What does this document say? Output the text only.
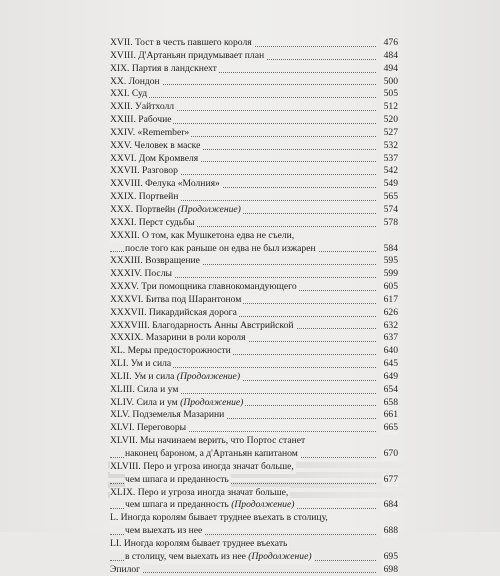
XVII. Тост в честь павшего короля	476
XVIII. Д'Артаньян придумывает план	484
XIX. Партия в ландскнехт	494
XX. Лондон	500
XXI. Суд	505
XXII. Уайтхолл	512
XXIII. Рабочие	520
XXIV. «Remember»	527
XXV. Человек в маске	532
XXVI. Дом Кромвеля	537
XXVII. Разговор	542
XXVIII. Фелука «Молния»	549
XXIX. Портвейн	565
XXX. Портвейн (Продолжение)	574
XXXI. Перст судьбы	578
XXXII. О том, как Мушкетона едва не съели,
после того как раньше он едва не был изжарен	584
XXXIII. Возвращение	595
XXXIV. Послы	599
XXXV. Три помощника главнокомандующего	605
XXXVI. Битва под Шарантоном	617
XXXVII. Пикардийская дорога	626
XXXVIII. Благодарность Анны Австрийской	632
XXXIX. Мазарини в роли короля	637
XL. Меры предосторожности	640
XLI. Ум и сила	645
XLII. Ум и сила (Продолжение)	649
XLIII. Сила и ум	654
XLIV. Сила и ум (Продолжение)	658
XLV. Подземелья Мазарини	661
XLVI. Переговоры	665
XLVII. Мы начинаем верить, что Портос станет
наконец бароном, а д'Артаньян капитаном	670
XLVIII. Перо и угроза иногда значат больше,
чем шпага и преданность	677
XLIX. Перо и угроза иногда значат больше,
чем шпага и преданность (Продолжение)	684
L. Иногда королям бывает труднее въехать в столицу,
чем выехать из нее	688
LI. Иногда королям бывает труднее въехать
в столицу, чем выехать из нее (Продолжение)	695
Эпилог	698
